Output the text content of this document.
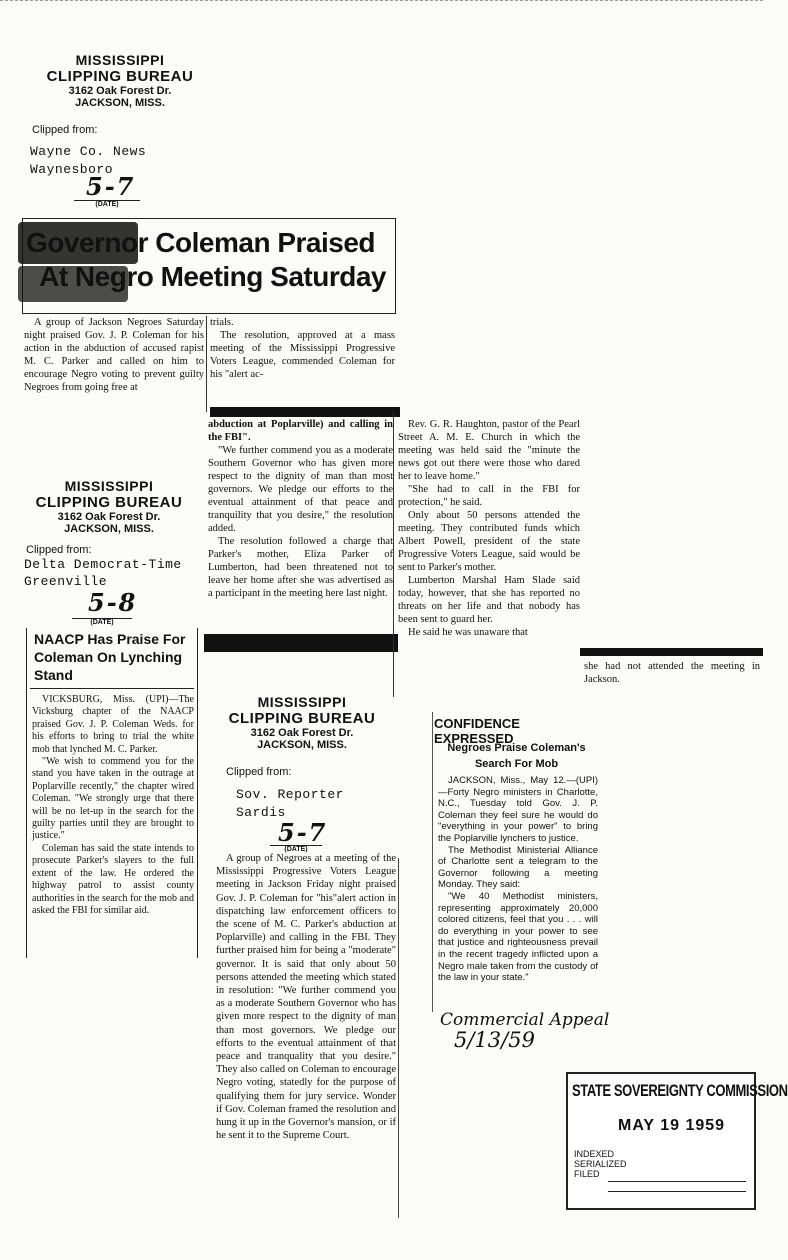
MISSISSIPPI
CLIPPING BUREAU
3162 Oak Forest Dr.
JACKSON, MISS.
Clipped from:
Wayne Co. News
Waynesboro
5-7
(DATE)
Governor Coleman Praised
At Negro Meeting Saturday

A group of Jackson Negroes Saturday night praised Gov. J. P. Coleman for his action in the abduction of accused rapist M. C. Parker and called on him to encourage Negro voting to prevent guilty Negroes from going free at

trials.

The resolution, approved at a mass meeting of the Mississippi Progressive Voters League, commended Coleman for his "alert ac-

abduction at Poplarville) and calling in the FBI".

"We further commend you as a moderate Southern Governor who has given more respect to the dignity of man than most governors. We pledge our efforts to the eventual attainment of that peace and tranquility that you desire," the resolution added.

The resolution followed a charge that Parker's mother, Eliza Parker of Lumberton, had been threatened not to leave her home after she was advertised as a participant in the meeting here last night.

Rev. G. R. Haughton, pastor of the Pearl Street A. M. E. Church in which the meeting was held said the "minute the news got out there were those who dared her to leave home."

"She had to call in the FBI for protection," he said.

Only about 50 persons attended the meeting. They contributed funds which Albert Powell, president of the state Progressive Voters League, said would be sent to Parker's mother.

Lumberton Marshal Ham Slade said today, however, that she has reported no threats on her life and that nobody has been sent to guard her.

He said he was unaware that

she had not attended the meeting in Jackson.

MISSISSIPPI
CLIPPING BUREAU
3162 Oak Forest Dr.
JACKSON, MISS.
Clipped from:
Delta Democrat-Time
Greenville
5-8
(DATE)
NAACP Has Praise For Coleman On Lynching Stand

VICKSBURG, Miss. (UPI)—The Vicksburg chapter of the NAACP praised Gov. J. P. Coleman Weds. for his efforts to bring to trial the white mob that lynched M. C. Parker.

"We wish to commend you for the stand you have taken in the outrage at Poplarville recently," the chapter wired Coleman. "We strongly urge that there will be no let-up in the search for the guilty parties until they are brought to justice."

Coleman has said the state intends to prosecute Parker's slayers to the full extent of the law. He ordered the highway patrol to assist county authorities in the search for the mob and asked the FBI for similar aid.

MISSISSIPPI
CLIPPING BUREAU
3162 Oak Forest Dr.
JACKSON, MISS.
Clipped from:
Sov. Reporter
Sardis
5-7
(DATE)

A group of Negroes at a meeting of the Mississippi Progressive Voters League meeting in Jackson Friday night praised Gov. J. P. Coleman for "his"alert action in dispatching law enforcement officers to the scene of M. C. Parker's abduction at Poplarville) and calling in the FBI. They further praised him for being a "moderate" governor. It is said that only about 50 persons attended the meeting which stated in resolution: "We further commend you as a moderate Southern Governor who has given more respect to the dignity of man than most governors. We pledge our efforts to the eventual attainment of that peace and tranquality that you desire." They also called on Coleman to encourage Negro voting, statedly for the purpose of qualifying them for jury service. Wonder if Gov. Coleman framed the resolution and hung it up in the Governor's mansion, or if he sent it to the Supreme Court.

CONFIDENCE EXPRESSED
Negroes Praise Coleman's Search For Mob

JACKSON, Miss., May 12.—(UPI)—Forty Negro ministers in Charlotte, N.C., Tuesday told Gov. J. P. Coleman they feel sure he would do "everything in your power" to bring the Poplarville lynchers to justice.

The Methodist Ministerial Alliance of Charlotte sent a telegram to the Governor following a meeting Monday. They said:

"We 40 Methodist ministers, representing approximately 20,000 colored citizens, feel that you . . . will do everything in your power to see that justice and righteousness prevail in the recent tragedy inflicted upon a Negro male taken from the custody of the law in your state."

Commercial Appeal
5/13/59
STATE SOVEREIGNTY COMMISSION
MAY 19 1959
INDEXED
SERIALIZED
FILED
